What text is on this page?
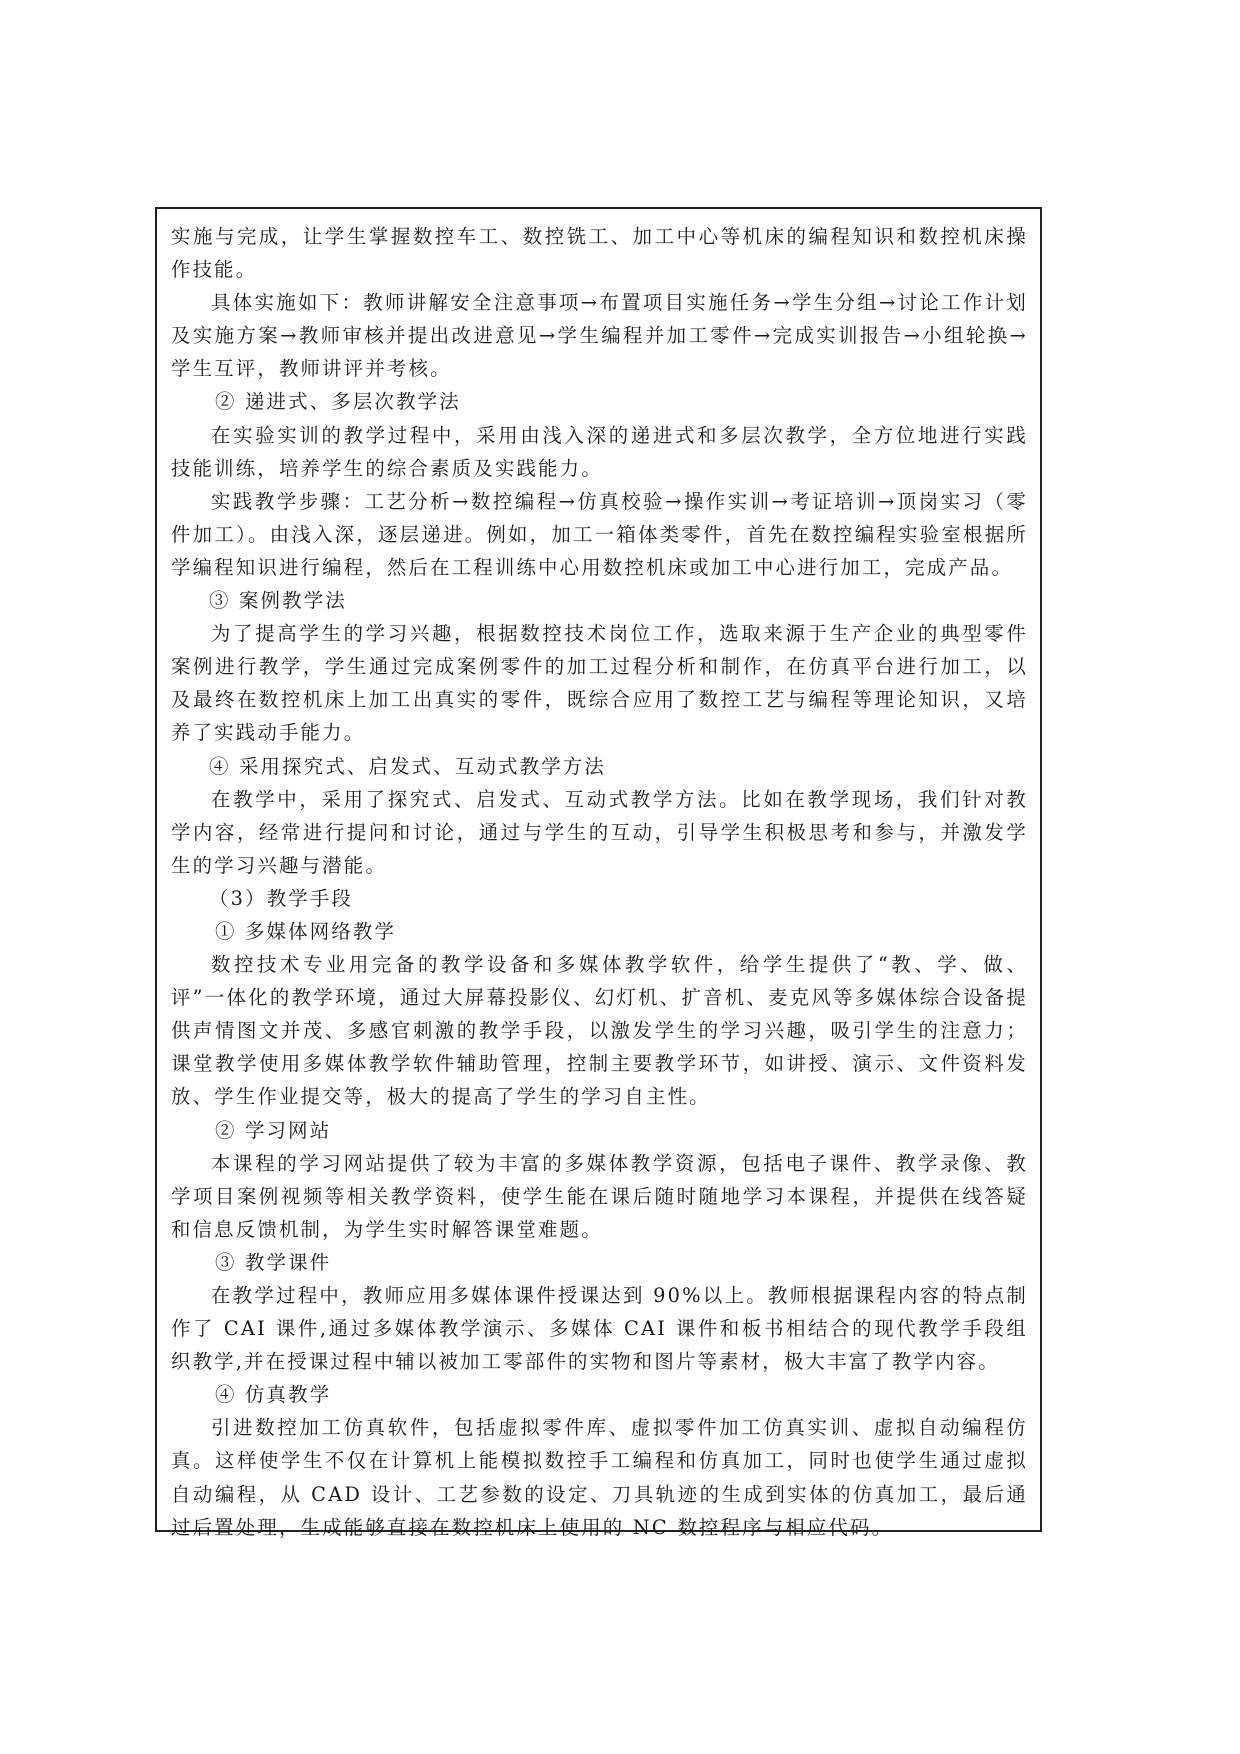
实施与完成，让学生掌握数控车工、数控铣工、加工中心等机床的编程知识和数控机床操作技能。

具体实施如下：教师讲解安全注意事项→布置项目实施任务→学生分组→讨论工作计划及实施方案→教师审核并提出改进意见→学生编程并加工零件→完成实训报告→小组轮换→学生互评，教师讲评并考核。

② 递进式、多层次教学法

在实验实训的教学过程中，采用由浅入深的递进式和多层次教学，全方位地进行实践技能训练，培养学生的综合素质及实践能力。

实践教学步骤：工艺分析→数控编程→仿真校验→操作实训→考证培训→顶岗实习（零件加工）。由浅入深，逐层递进。例如，加工一箱体类零件，首先在数控编程实验室根据所学编程知识进行编程，然后在工程训练中心用数控机床或加工中心进行加工，完成产品。

③ 案例教学法

为了提高学生的学习兴趣，根据数控技术岗位工作，选取来源于生产企业的典型零件案例进行教学，学生通过完成案例零件的加工过程分析和制作，在仿真平台进行加工，以及最终在数控机床上加工出真实的零件，既综合应用了数控工艺与编程等理论知识，又培养了实践动手能力。

④ 采用探究式、启发式、互动式教学方法

在教学中，采用了探究式、启发式、互动式教学方法。比如在教学现场，我们针对教学内容，经常进行提问和讨论，通过与学生的互动，引导学生积极思考和参与，并激发学生的学习兴趣与潜能。

（3）教学手段

① 多媒体网络教学

数控技术专业用完备的教学设备和多媒体教学软件，给学生提供了“教、学、做、评”一体化的教学环境，通过大屏幕投影仪、幻灯机、扩音机、麦克风等多媒体综合设备提供声情图文并茂、多感官刺激的教学手段，以激发学生的学习兴趣，吸引学生的注意力；课堂教学使用多媒体教学软件辅助管理，控制主要教学环节，如讲授、演示、文件资料发放、学生作业提交等，极大的提高了学生的学习自主性。

② 学习网站

本课程的学习网站提供了较为丰富的多媒体教学资源，包括电子课件、教学录像、教学项目案例视频等相关教学资料，使学生能在课后随时随地学习本课程，并提供在线答疑和信息反馈机制，为学生实时解答课堂难题。

③ 教学课件

在教学过程中，教师应用多媒体课件授课达到 90%以上。教师根据课程内容的特点制作了 CAI 课件,通过多媒体教学演示、多媒体 CAI 课件和板书相结合的现代教学手段组织教学,并在授课过程中辅以被加工零部件的实物和图片等素材，极大丰富了教学内容。

④ 仿真教学

引进数控加工仿真软件，包括虚拟零件库、虚拟零件加工仿真实训、虚拟自动编程仿真。这样使学生不仅在计算机上能模拟数控手工编程和仿真加工，同时也使学生通过虚拟自动编程，从 CAD 设计、工艺参数的设定、刀具轨迹的生成到实体的仿真加工，最后通过后置处理，生成能够直接在数控机床上使用的 NC 数控程序与相应代码。
